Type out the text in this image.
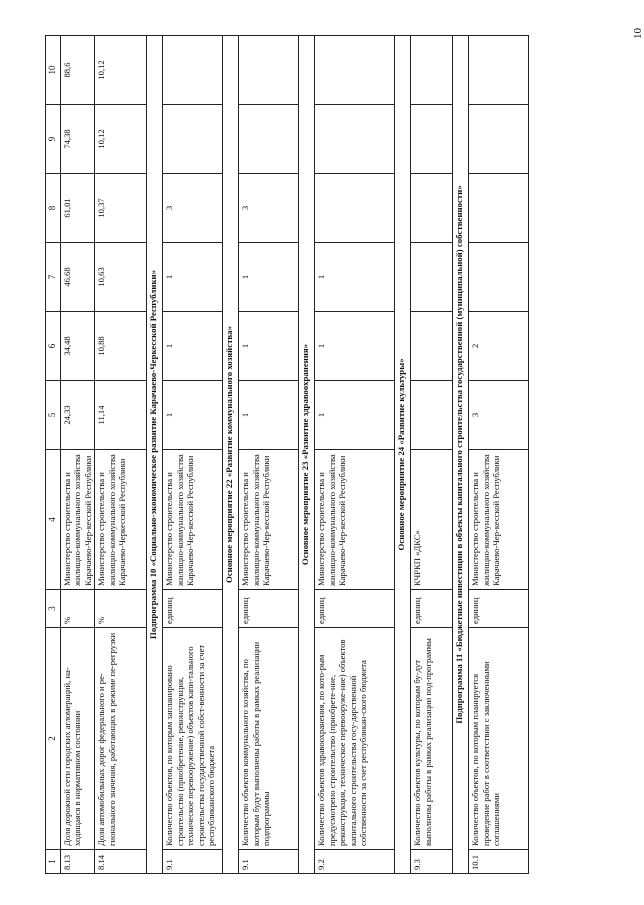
10
1	2	3	4	5	6	7	8	9	10
8.13	Доля дорожной сети городских агломераций, на-ходящаяся в нормативном состоянии	%	Министерство строительства и жилищно-коммунального хозяйства Карачаево-Чер-кесской Республики	24,33	34,48	46,68	61,01	74,38	88,6
8.14	Доля автомобильных дорог федерального и ре-гионального значения, работающих в режиме пе-регрузки	%	Министерство строительства и жилищно-коммунального хозяйства Карачаево-Черкесской Республики	11,14	10,88	10,63	10,37	10,12	10,12
Подпрограмма 10 «Социально-экономическое развитие Карачаево-Черкесской Республики»									
9.1	Количество объектов, по которым запланировано строительство (приобретение, реконструкция, техническое перевооружение) объектов капи-тального строительства государственной собст-венности за счет республиканского бюджета	единиц	Министерство строительства и жилищно-коммунального хозяйства Карачаево-Чер-кесской Республики	1	1	1	3		
Основное мероприятие 22 «Развитие коммунального хозяйства»									
9.1	Количество объектов коммунального хозяйства, по которым будут выполнены работы в рамках реализации подпрограммы	единиц	Министерство строительства и жилищно-коммунального хозяйства Карачаево-Чер-кесской Республики	1	1	1	3		
Основное мероприятие 23 «Развитие здравоохранения»									
9.2	Количество объектов здравоохранения, по кото-рым предусмотрено строительство (приобрете-ние, реконструкция, техническое перевооруже-ние) объектов капитального строительства госу-дарственной собственности за счет республикан-ского бюджета	единиц	Министерство строительства и жилищно-коммунального хозяйства Карачаево-Чер-кесской Республики	1	1	1			
Основное мероприятие 24 «Развитие культуры»									
9.3	Количество объектов культуры, по которым бу-дут выполнены работы в рамках реализации под-программы	единиц	КЧРКП «ДКС»						
Подпрограмма 11 «Бюджетные инвестиции в объекты капитального строительства государственной (муниципальной) собственности»									
10.1	Количество объектов, по которым планируется проведение работ в соответствии с заключенными соглашениями	единиц	Министерство строительства и жилищно-коммунального хозяйства Карачаево-Чер-кесской Республики	3	2				
